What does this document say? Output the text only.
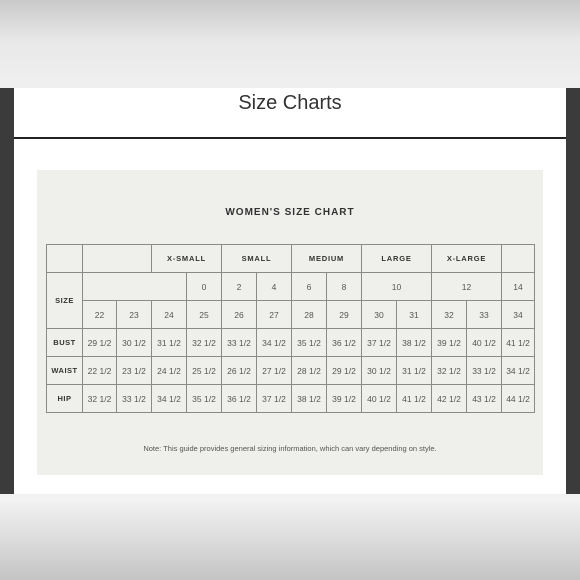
Size Charts
WOMEN'S SIZE CHART
			X-SMALL		SMALL		MEDIUM		LARGE		X-LARGE		
SIZE				0	2	4	6	8	10		12		14
	22	23	24	25	26	27	28	29	30	31	32	33	34
BUST	29 1/2	30 1/2	31 1/2	32 1/2	33 1/2	34 1/2	35 1/2	36 1/2	37 1/2	38 1/2	39 1/2	40 1/2	41 1/2
WAIST	22 1/2	23 1/2	24 1/2	25 1/2	26 1/2	27 1/2	28 1/2	29 1/2	30 1/2	31 1/2	32 1/2	33 1/2	34 1/2
HIP	32 1/2	33 1/2	34 1/2	35 1/2	36 1/2	37 1/2	38 1/2	39 1/2	40 1/2	41 1/2	42 1/2	43 1/2	44 1/2
Note: This guide provides general sizing information, which can vary depending on style.
